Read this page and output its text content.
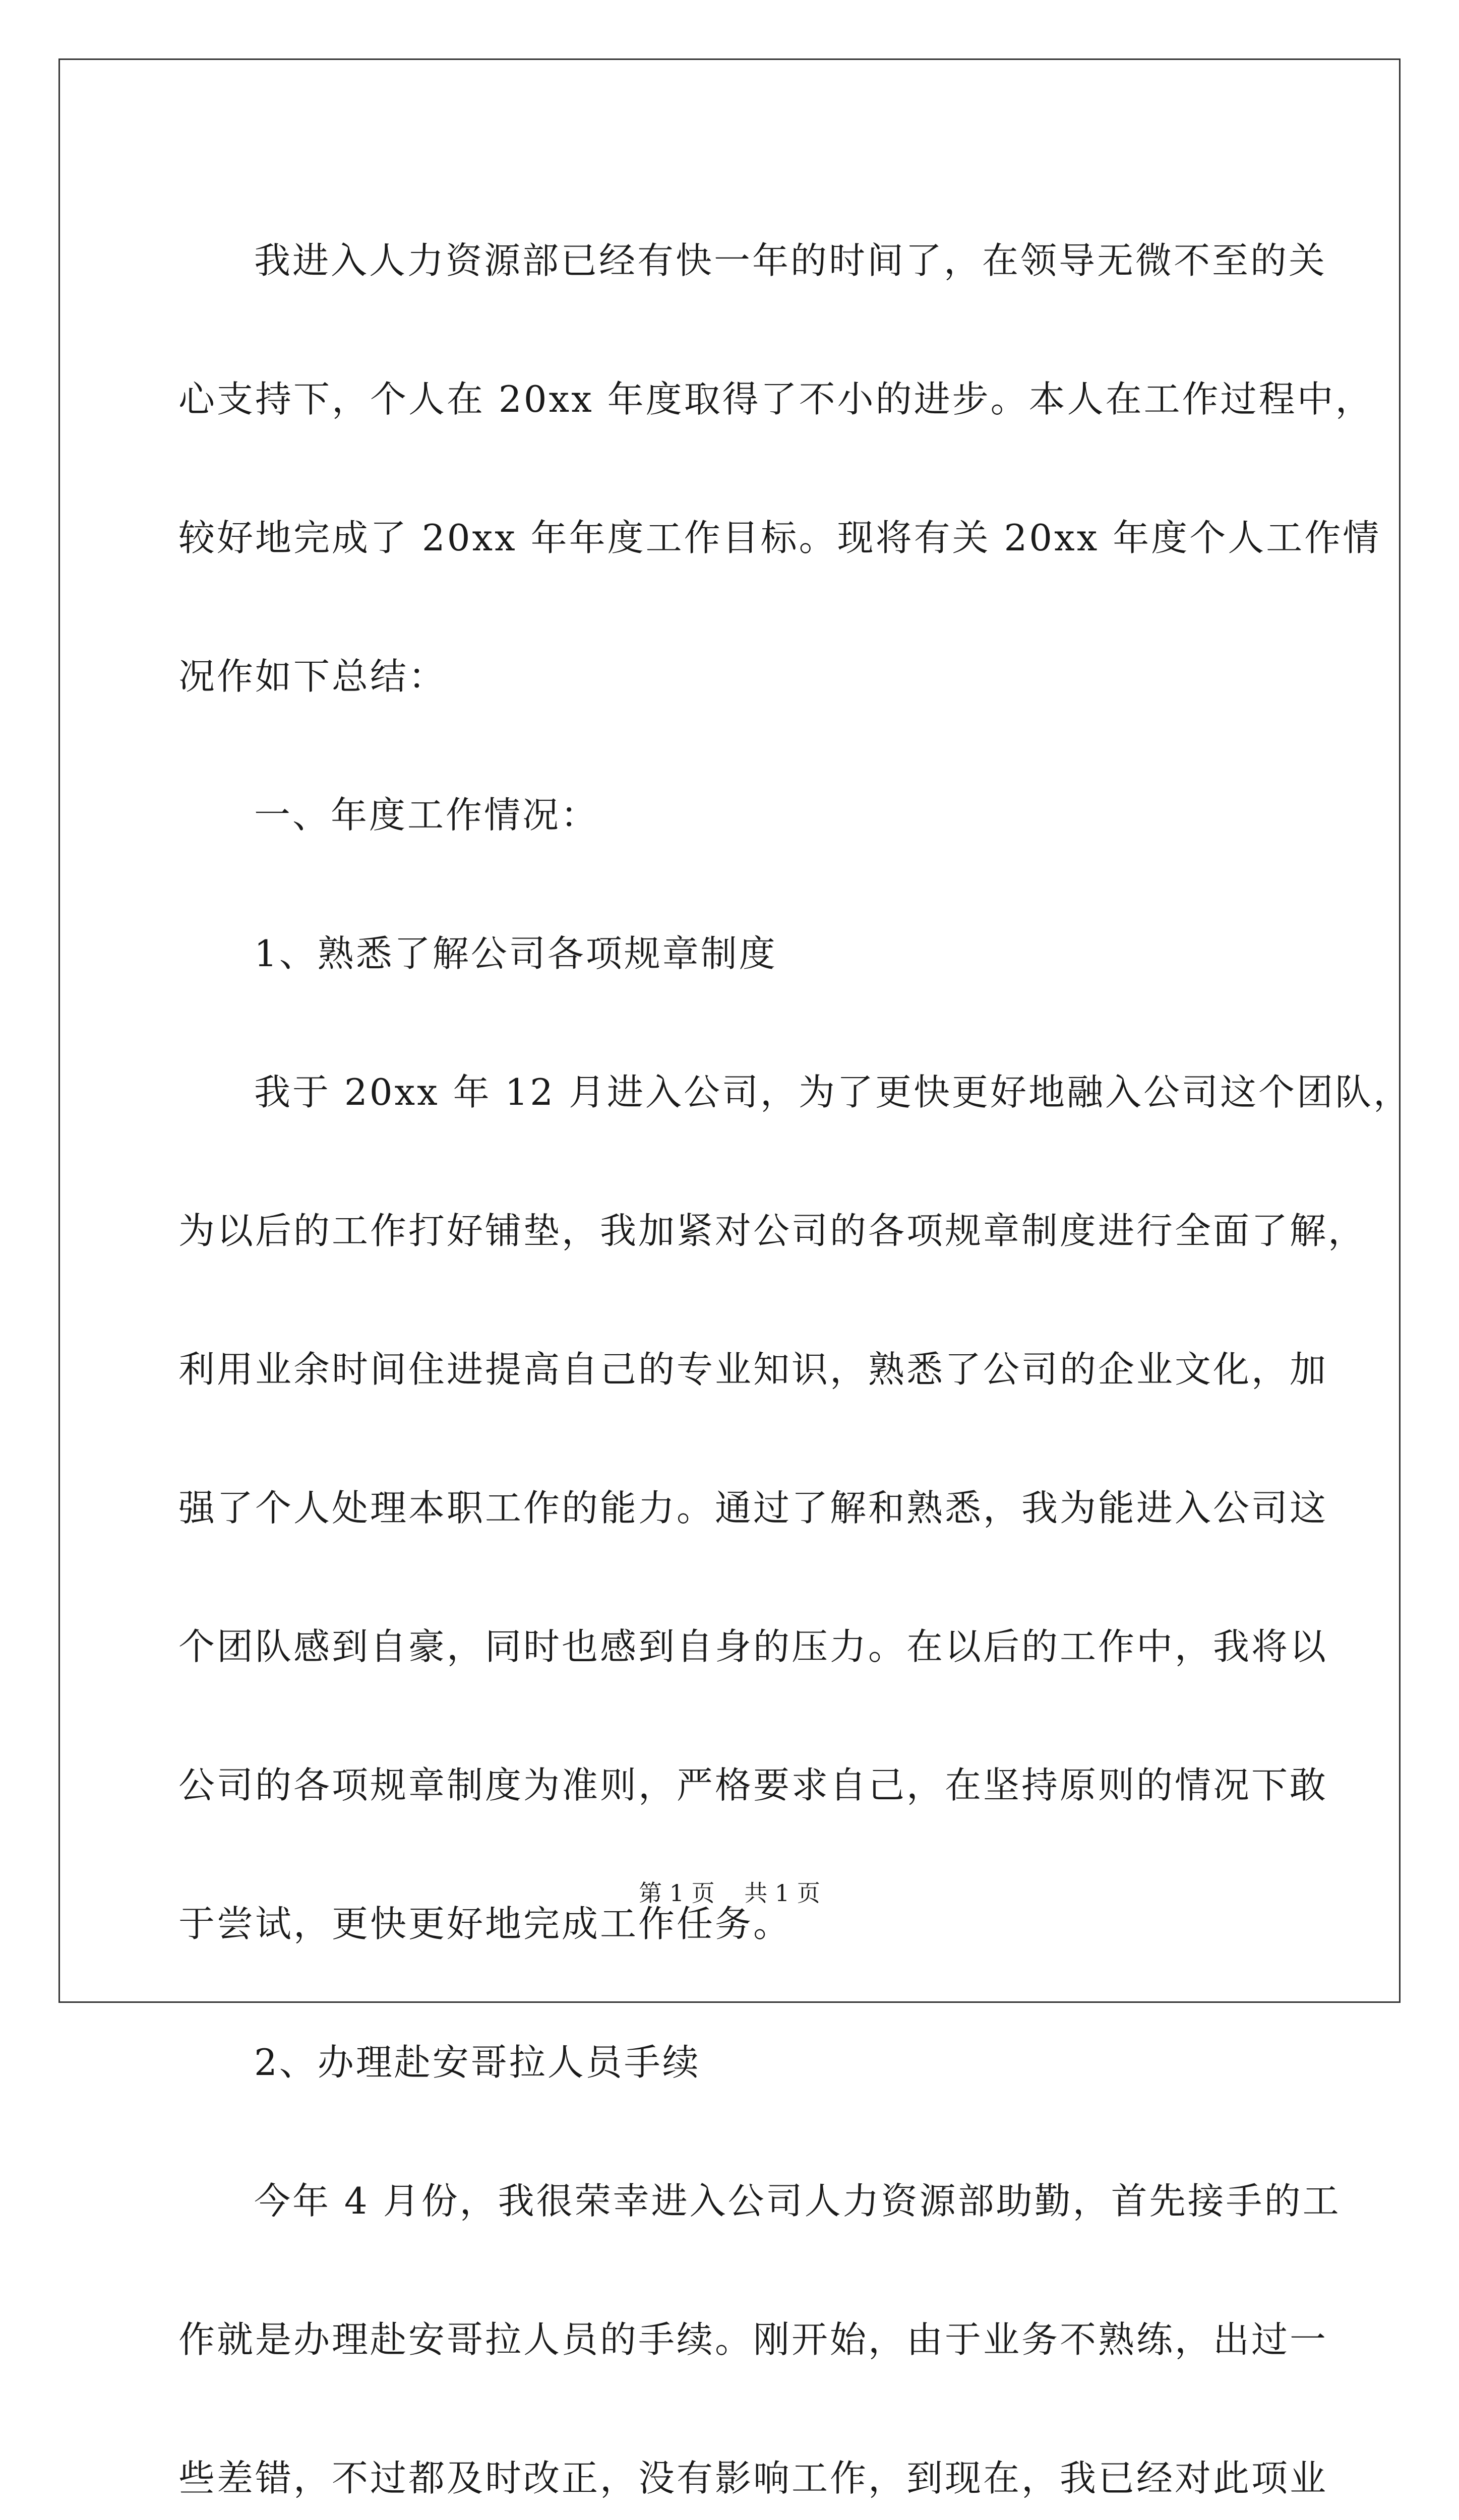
我进入人力资源部已经有快一年的时间了，在领导无微不至的关
心支持下，个人在 20xx 年度取得了不小的进步。本人在工作过程中，
较好地完成了 20xx 年年度工作目标。现将有关 20xx 年度个人工作情
况作如下总结：
一、年度工作情况：
1、熟悉了解公司各项规章制度
我于 20xx 年 12 月进入公司，为了更快更好地融入公司这个团队，
为以后的工作打好铺垫，我加紧对公司的各项规章制度进行全面了解，
利用业余时间住进提高自己的专业知识，熟悉了公司的企业文化，加
强了个人处理本职工作的能力。通过了解和熟悉，我为能进入公司这
个团队感到自豪，同时也感到自身的压力。在以后的工作中，我将以
公司的各项规章制度为准则，严格要求自己，在坚持原则的情况下敢
于尝试，更快更好地完成工作任务。
2、办理赴安哥拉人员手续
今年 4 月份，我很荣幸进入公司人力资源部助勤，首先接手的工
作就是办理赴安哥拉人员的手续。刚开始，由于业务不熟练，出过一
些差错，不过都及时改正，没有影响工作，到现在，我已经对此项业
第 1 页 共 1 页
